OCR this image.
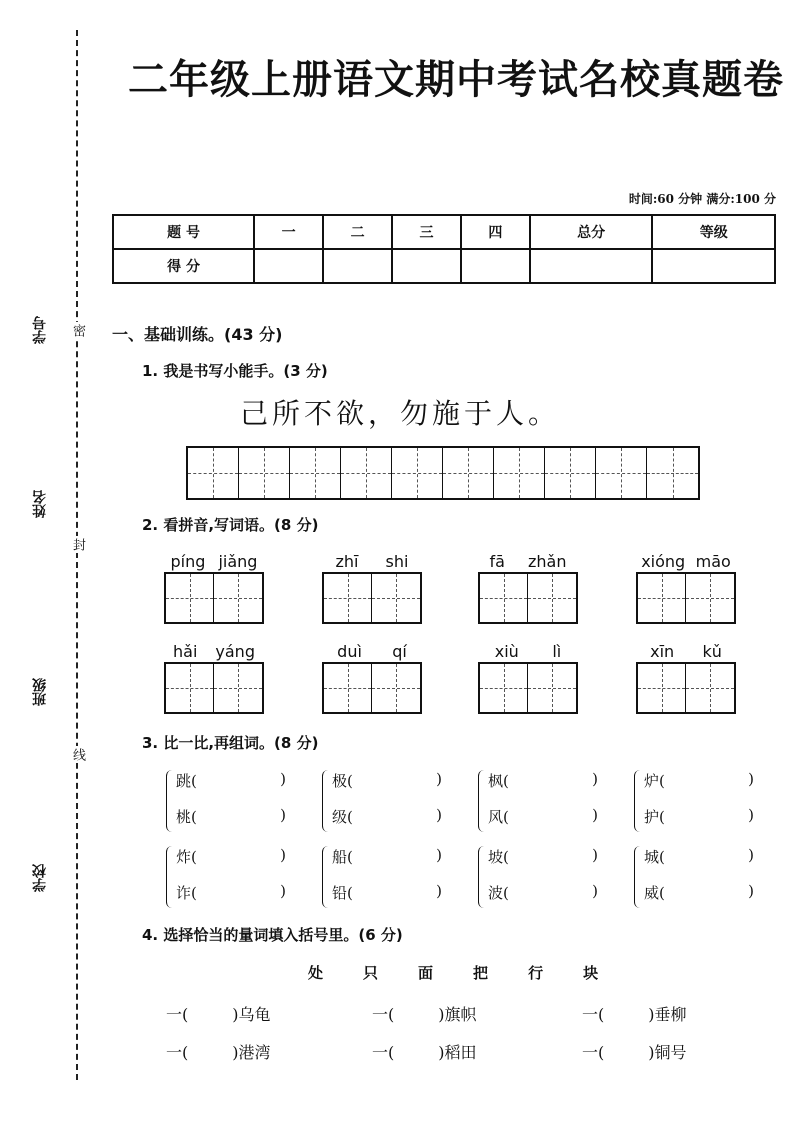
学号
姓名
班级
学校
密
封
线
二年级上册语文期中考试名校真题卷
时间:60 分钟 满分:100 分
题 号	一	二	三	四	总分	等级
得 分						
一、基础训练。(43 分)
1. 我是书写小能手。(3 分)
己所不欲，勿施于人。
2. 看拼音,写词语。(8 分)
píng jiǎng	zhī shi	fā zhǎn	xióng māo
hǎi yáng	duì qí	xiù lì	xīn kǔ
3. 比一比,再组词。(8 分)
跳(	)
桃(	)
极(	)
级(	)
枫(	)
风(	)
炉(	)
护(	)
炸(	)
诈(	)
船(	)
铅(	)
坡(	)
波(	)
城(	)
威(	)
4. 选择恰当的量词填入括号里。(6 分)
处	只	面	把	行	块
一(	)乌龟	一(	)旗帜	一(	)垂柳
一(	)港湾	一(	)稻田	一(	)铜号
